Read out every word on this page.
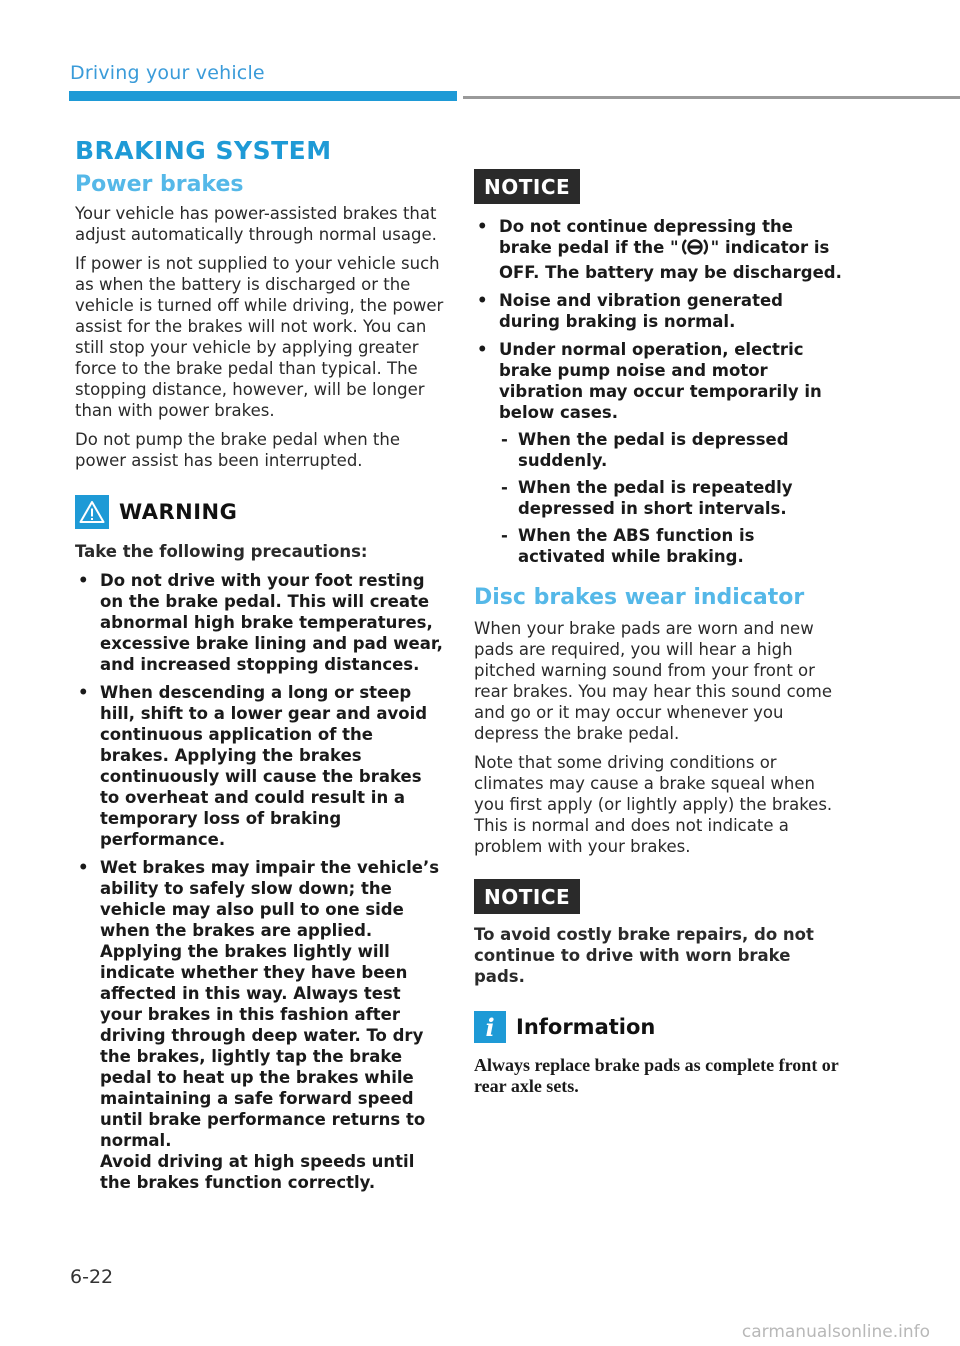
Driving your vehicle
BRAKING SYSTEM
Power brakes

Your vehicle has power-assisted brakes that adjust automatically through normal usage.

If power is not supplied to your vehicle such as when the battery is discharged or the vehicle is turned off while driving, the power assist for the brakes will not work. You can still stop your vehicle by applying greater force to the brake pedal than typical. The stopping distance, however, will be longer than with power brakes.

Do not pump the brake pedal when the power assist has been interrupted.

WARNING

Take the following precautions:

• Do not drive with your foot resting on the brake pedal. This will create abnormal high brake temperatures, excessive brake lining and pad wear, and increased stopping distances.
• When descending a long or steep hill, shift to a lower gear and avoid continuous application of the brakes. Applying the brakes continuously will cause the brakes to overheat and could result in a temporary loss of braking performance.
• Wet brakes may impair the vehicle’s ability to safely slow down; the vehicle may also pull to one side when the brakes are applied. Applying the brakes lightly will indicate whether they have been affected in this way. Always test your brakes in this fashion after driving through deep water. To dry the brakes, lightly tap the brake pedal to heat up the brakes while maintaining a safe forward speed until brake performance returns to normal.
Avoid driving at high speeds until the brakes function correctly.
NOTICE
• Do not continue depressing the brake pedal if the " " indicator is OFF. The battery may be discharged.
• Noise and vibration generated during braking is normal.
• Under normal operation, electric brake pump noise and motor vibration may occur temporarily in below cases.
- When the pedal is depressed suddenly.
- When the pedal is repeatedly depressed in short intervals.
- When the ABS function is activated while braking.
Disc brakes wear indicator

When your brake pads are worn and new pads are required, you will hear a high pitched warning sound from your front or rear brakes. You may hear this sound come and go or it may occur whenever you depress the brake pedal.

Note that some driving conditions or climates may cause a brake squeal when you first apply (or lightly apply) the brakes. This is normal and does not indicate a problem with your brakes.

NOTICE

To avoid costly brake repairs, do not continue to drive with worn brake pads.

i	Information

Always replace brake pads as complete front or rear axle sets.

6-22
carmanualsonline.info
